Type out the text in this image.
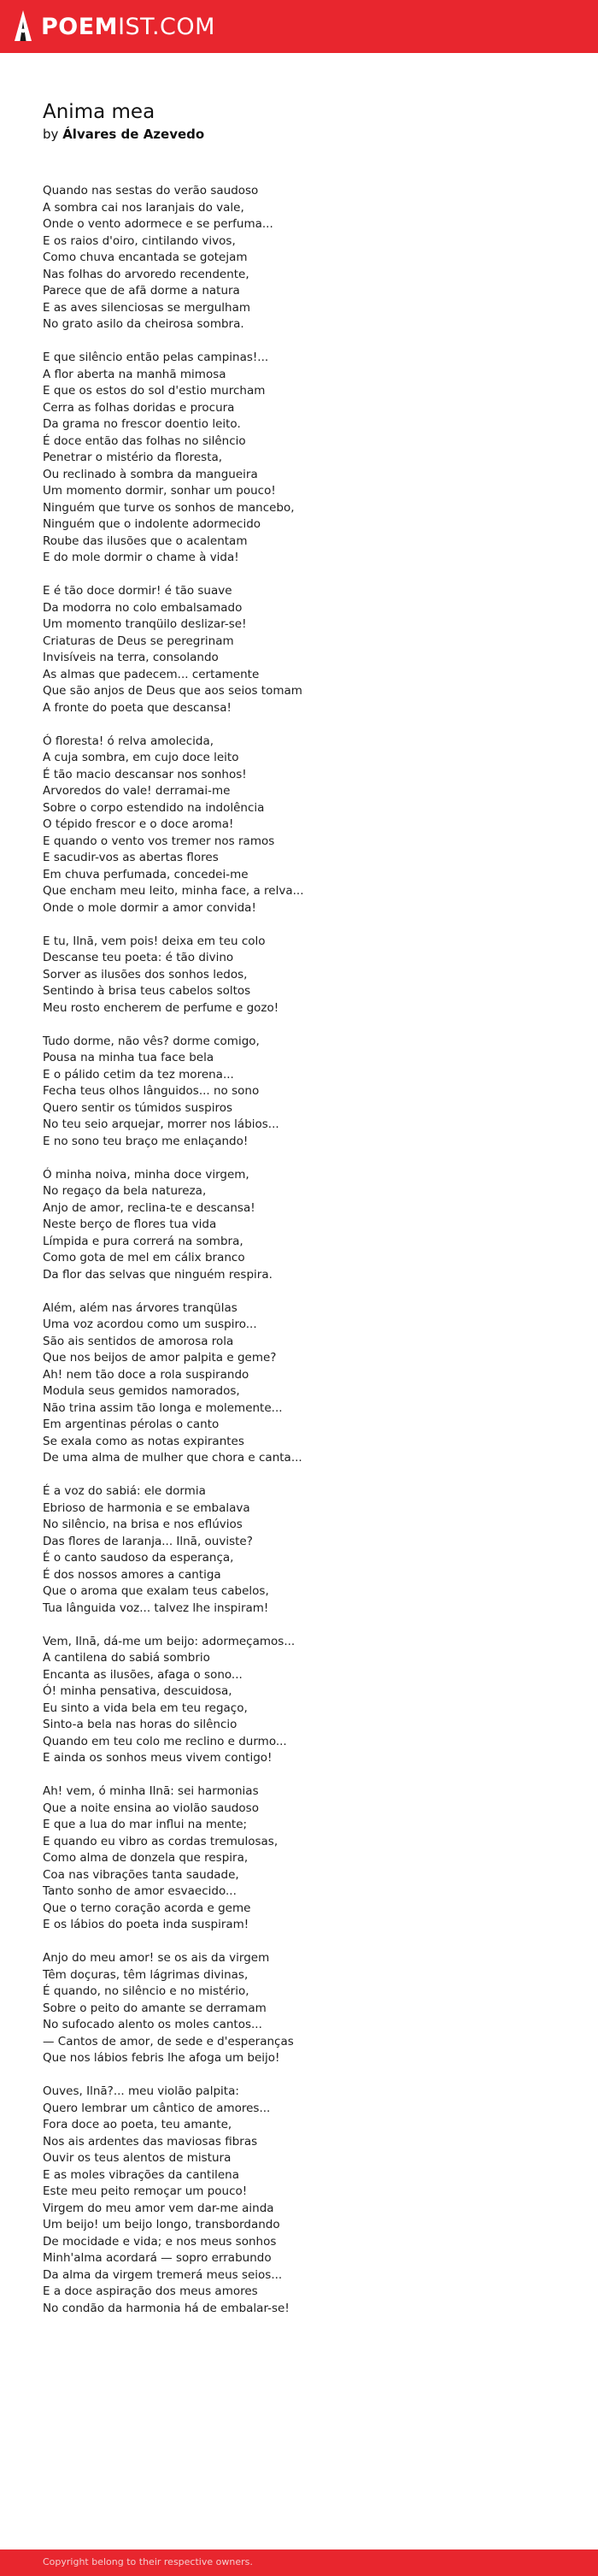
POEMIST.COM
Anima mea

by Álvares de Azevedo

Quando nas sestas do verão saudoso
A sombra cai nos laranjais do vale,
Onde o vento adormece e se perfuma...
E os raios d'oiro, cintilando vivos,
Como chuva encantada se gotejam
Nas folhas do arvoredo recendente,
Parece que de afã dorme a natura
E as aves silenciosas se mergulham
No grato asilo da cheirosa sombra.
E que silêncio então pelas campinas!...
A flor aberta na manhã mimosa
E que os estos do sol d'estio murcham
Cerra as folhas doridas e procura
Da grama no frescor doentio leito.
É doce então das folhas no silêncio
Penetrar o mistério da floresta,
Ou reclinado à sombra da mangueira
Um momento dormir, sonhar um pouco!
Ninguém que turve os sonhos de mancebo,
Ninguém que o indolente adormecido
Roube das ilusões que o acalentam
E do mole dormir o chame à vida!
E é tão doce dormir! é tão suave
Da modorra no colo embalsamado
Um momento tranqüilo deslizar-se!
Criaturas de Deus se peregrinam
Invisíveis na terra, consolando
As almas que padecem... certamente
Que são anjos de Deus que aos seios tomam
A fronte do poeta que descansa!
Ó floresta! ó relva amolecida,
A cuja sombra, em cujo doce leito
É tão macio descansar nos sonhos!
Arvoredos do vale! derramai-me
Sobre o corpo estendido na indolência
O tépido frescor e o doce aroma!
E quando o vento vos tremer nos ramos
E sacudir-vos as abertas flores
Em chuva perfumada, concedei-me
Que encham meu leito, minha face, a relva...
Onde o mole dormir a amor convida!
E tu, Ilnā, vem pois! deixa em teu colo
Descanse teu poeta: é tão divino
Sorver as ilusões dos sonhos ledos,
Sentindo à brisa teus cabelos soltos
Meu rosto encherem de perfume e gozo!
Tudo dorme, não vês? dorme comigo,
Pousa na minha tua face bela
E o pálido cetim da tez morena...
Fecha teus olhos lânguidos... no sono
Quero sentir os túmidos suspiros
No teu seio arquejar, morrer nos lábios...
E no sono teu braço me enlaçando!
Ó minha noiva, minha doce virgem,
No regaço da bela natureza,
Anjo de amor, reclina-te e descansa!
Neste berço de flores tua vida
Límpida e pura correrá na sombra,
Como gota de mel em cálix branco
Da flor das selvas que ninguém respira.
Além, além nas árvores tranqülas
Uma voz acordou como um suspiro...
São ais sentidos de amorosa rola
Que nos beijos de amor palpita e geme?
Ah! nem tão doce a rola suspirando
Modula seus gemidos namorados,
Não trina assim tão longa e molemente...
Em argentinas pérolas o canto
Se exala como as notas expirantes
De uma alma de mulher que chora e canta...
É a voz do sabiá: ele dormia
Ebrioso de harmonia e se embalava
No silêncio, na brisa e nos eflúvios
Das flores de laranja... Ilnā, ouviste?
É o canto saudoso da esperança,
É dos nossos amores a cantiga
Que o aroma que exalam teus cabelos,
Tua lânguida voz... talvez lhe inspiram!
Vem, Ilnā, dá-me um beijo: adormeçamos...
A cantilena do sabiá sombrio
Encanta as ilusões, afaga o sono...
Ó! minha pensativa, descuidosa,
Eu sinto a vida bela em teu regaço,
Sinto-a bela nas horas do silêncio
Quando em teu colo me reclino e durmo...
E ainda os sonhos meus vivem contigo!
Ah! vem, ó minha Ilnā: sei harmonias
Que a noite ensina ao violão saudoso
E que a lua do mar influi na mente;
E quando eu vibro as cordas tremulosas,
Como alma de donzela que respira,
Coa nas vibrações tanta saudade,
Tanto sonho de amor esvaecido...
Que o terno coração acorda e geme
E os lábios do poeta inda suspiram!
Anjo do meu amor! se os ais da virgem
Têm doçuras, têm lágrimas divinas,
É quando, no silêncio e no mistério,
Sobre o peito do amante se derramam
No sufocado alento os moles cantos...
— Cantos de amor, de sede e d'esperanças
Que nos lábios febris lhe afoga um beijo!
Ouves, Ilnā?... meu violão palpita:
Quero lembrar um cântico de amores...
Fora doce ao poeta, teu amante,
Nos ais ardentes das maviosas fibras
Ouvir os teus alentos de mistura
E as moles vibrações da cantilena
Este meu peito remoçar um pouco!
Virgem do meu amor vem dar-me ainda
Um beijo! um beijo longo, transbordando
De mocidade e vida; e nos meus sonhos
Minh'alma acordará — sopro errabundo
Da alma da virgem tremerá meus seios...
E a doce aspiração dos meus amores
No condão da harmonia há de embalar-se!
Copyright belong to their respective owners.
